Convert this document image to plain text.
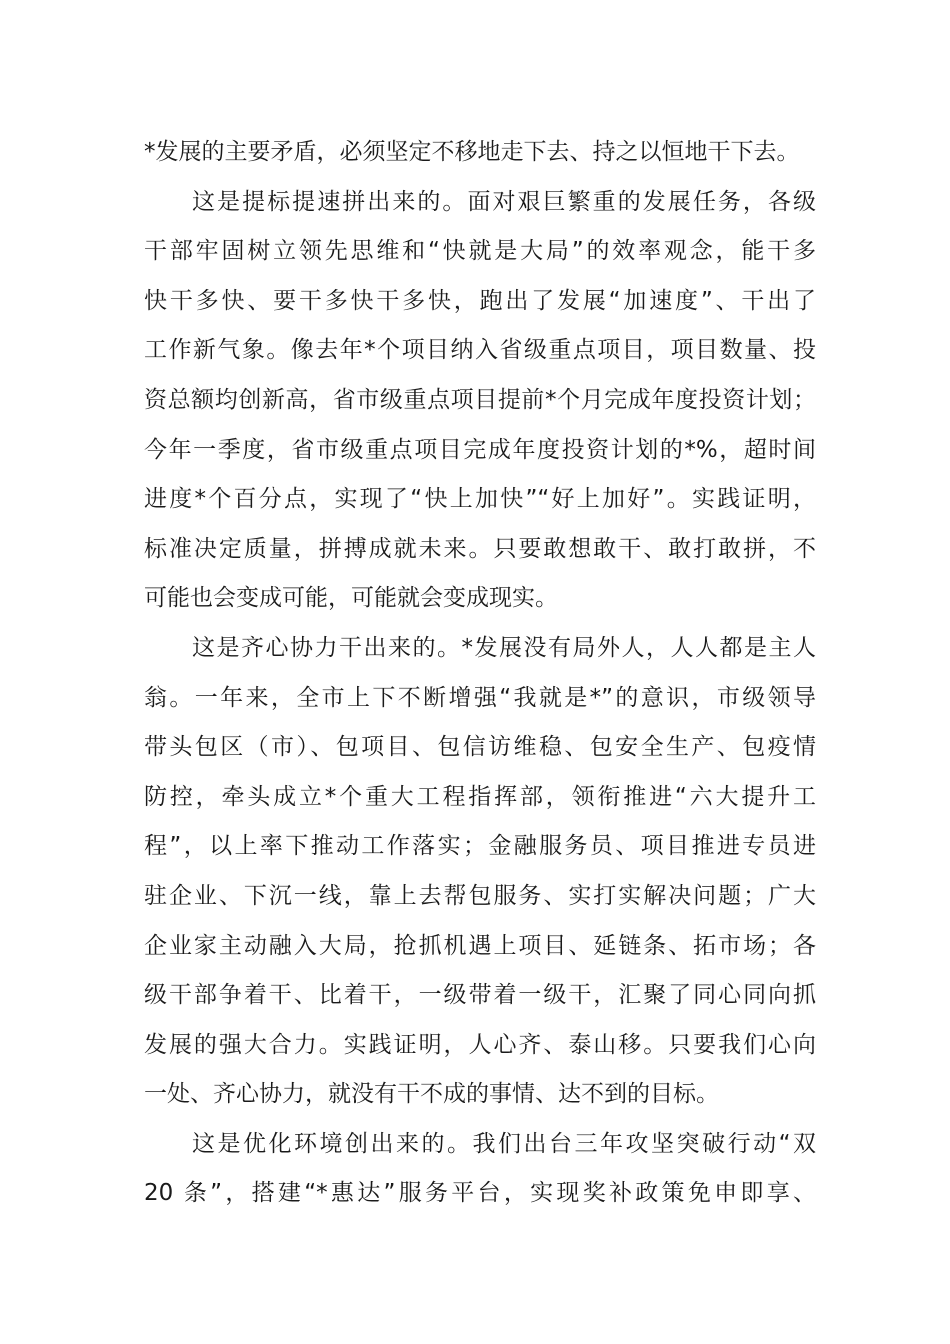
*发展的主要矛盾，必须坚定不移地走下去、持之以恒地干下去。
这是提标提速拼出来的。面对艰巨繁重的发展任务，各级
干部牢固树立领先思维和“快就是大局”的效率观念，能干多
快干多快、要干多快干多快，跑出了发展“加速度”、干出了
工作新气象。像去年*个项目纳入省级重点项目，项目数量、投
资总额均创新高，省市级重点项目提前*个月完成年度投资计划；
今年一季度，省市级重点项目完成年度投资计划的*%，超时间
进度*个百分点，实现了“快上加快”“好上加好”。实践证明，
标准决定质量，拼搏成就未来。只要敢想敢干、敢打敢拼，不
可能也会变成可能，可能就会变成现实。
这是齐心协力干出来的。*发展没有局外人，人人都是主人
翁。一年来，全市上下不断增强“我就是*”的意识，市级领导
带头包区（市）、包项目、包信访维稳、包安全生产、包疫情
防控，牵头成立*个重大工程指挥部，领衔推进“六大提升工
程”，以上率下推动工作落实；金融服务员、项目推进专员进
驻企业、下沉一线，靠上去帮包服务、实打实解决问题；广大
企业家主动融入大局，抢抓机遇上项目、延链条、拓市场；各
级干部争着干、比着干，一级带着一级干，汇聚了同心同向抓
发展的强大合力。实践证明，人心齐、泰山移。只要我们心向
一处、齐心协力，就没有干不成的事情、达不到的目标。
这是优化环境创出来的。我们出台三年攻坚突破行动“双
20 条”，搭建“*惠达”服务平台，实现奖补政策免申即享、
